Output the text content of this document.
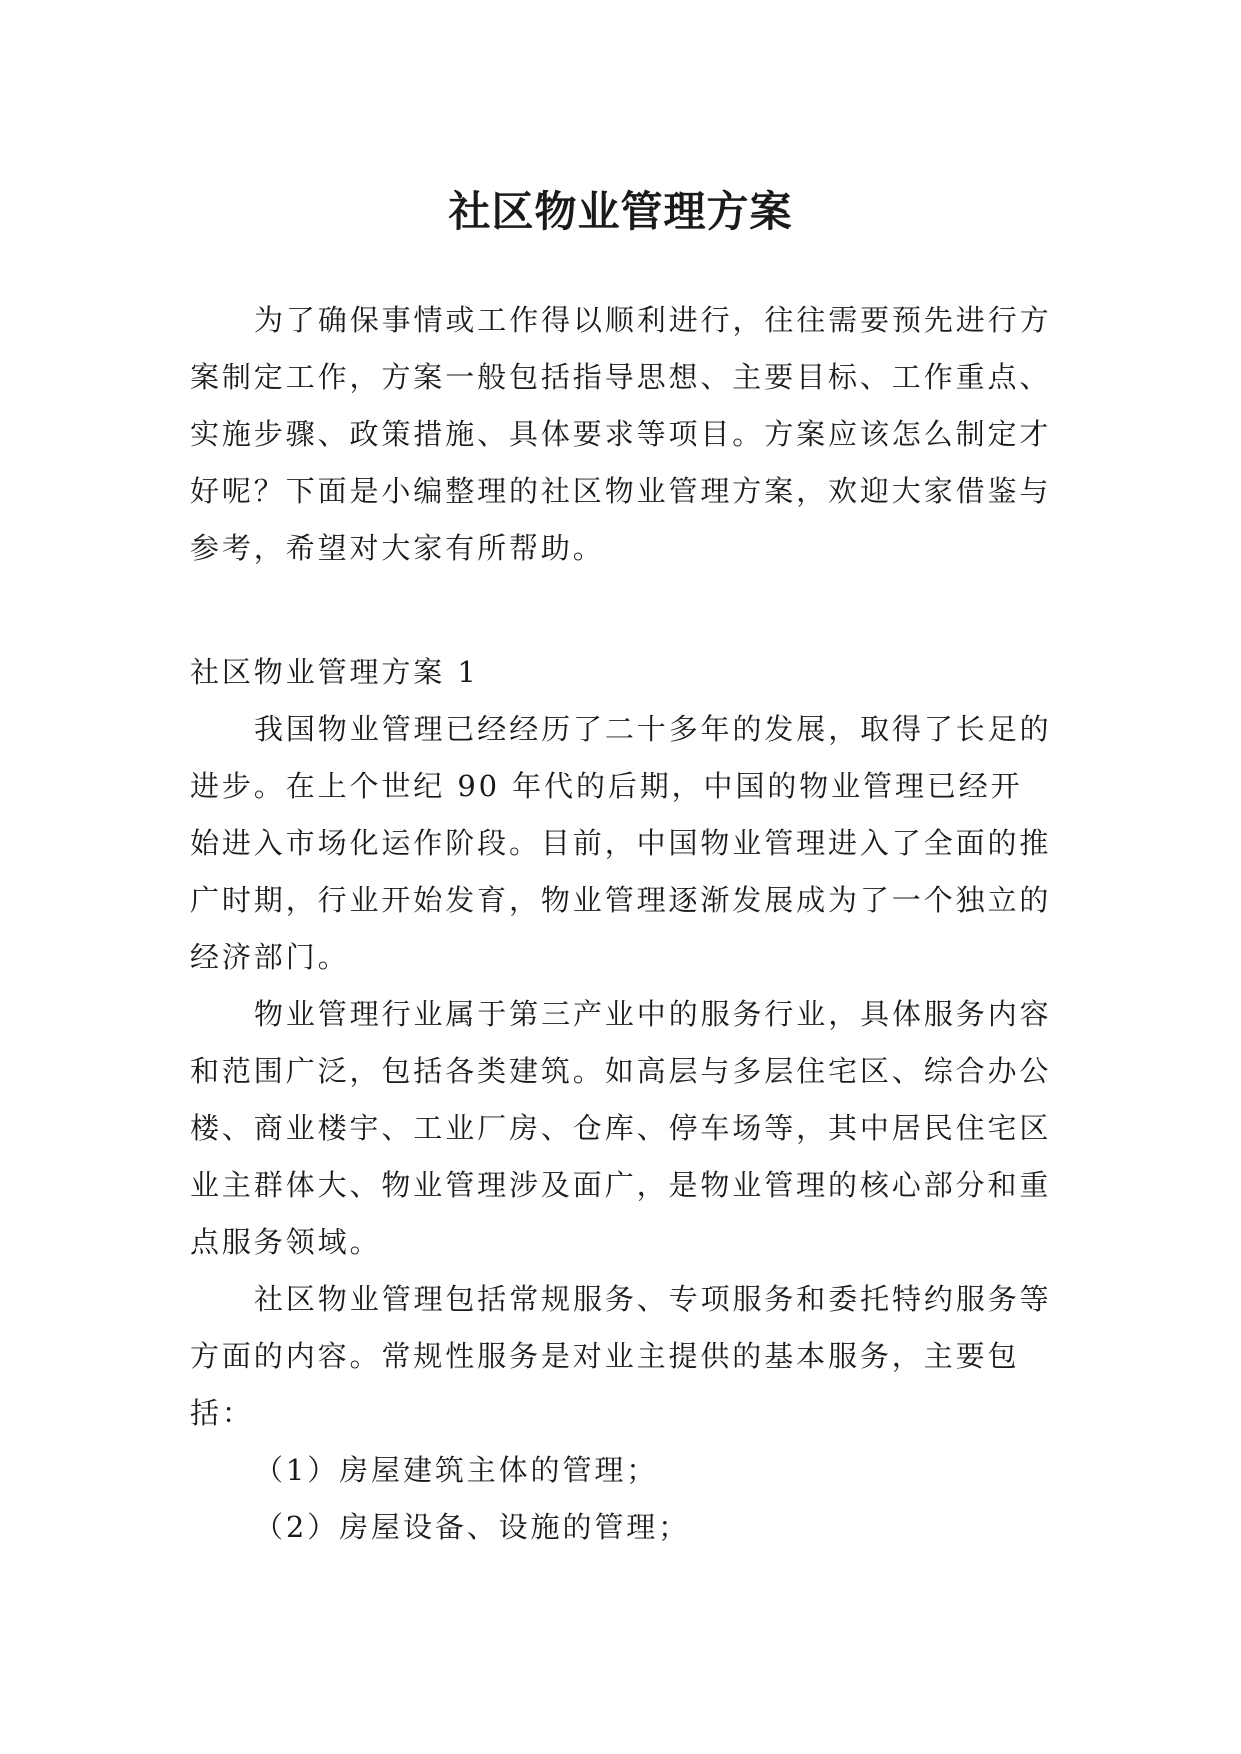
社区物业管理方案

为了确保事情或工作得以顺利进行，往往需要预先进行方案制定工作，方案一般包括指导思想、主要目标、工作重点、实施步骤、政策措施、具体要求等项目。方案应该怎么制定才好呢？下面是小编整理的社区物业管理方案，欢迎大家借鉴与参考，希望对大家有所帮助。

社区物业管理方案 1

我国物业管理已经经历了二十多年的发展，取得了长足的进步。在上个世纪 90 年代的后期，中国的物业管理已经开始进入市场化运作阶段。目前，中国物业管理进入了全面的推广时期，行业开始发育，物业管理逐渐发展成为了一个独立的经济部门。

物业管理行业属于第三产业中的服务行业，具体服务内容和范围广泛，包括各类建筑。如高层与多层住宅区、综合办公楼、商业楼宇、工业厂房、仓库、停车场等，其中居民住宅区业主群体大、物业管理涉及面广，是物业管理的核心部分和重点服务领域。

社区物业管理包括常规服务、专项服务和委托特约服务等方面的内容。常规性服务是对业主提供的基本服务，主要包括：

（1）房屋建筑主体的管理；

（2）房屋设备、设施的管理；
